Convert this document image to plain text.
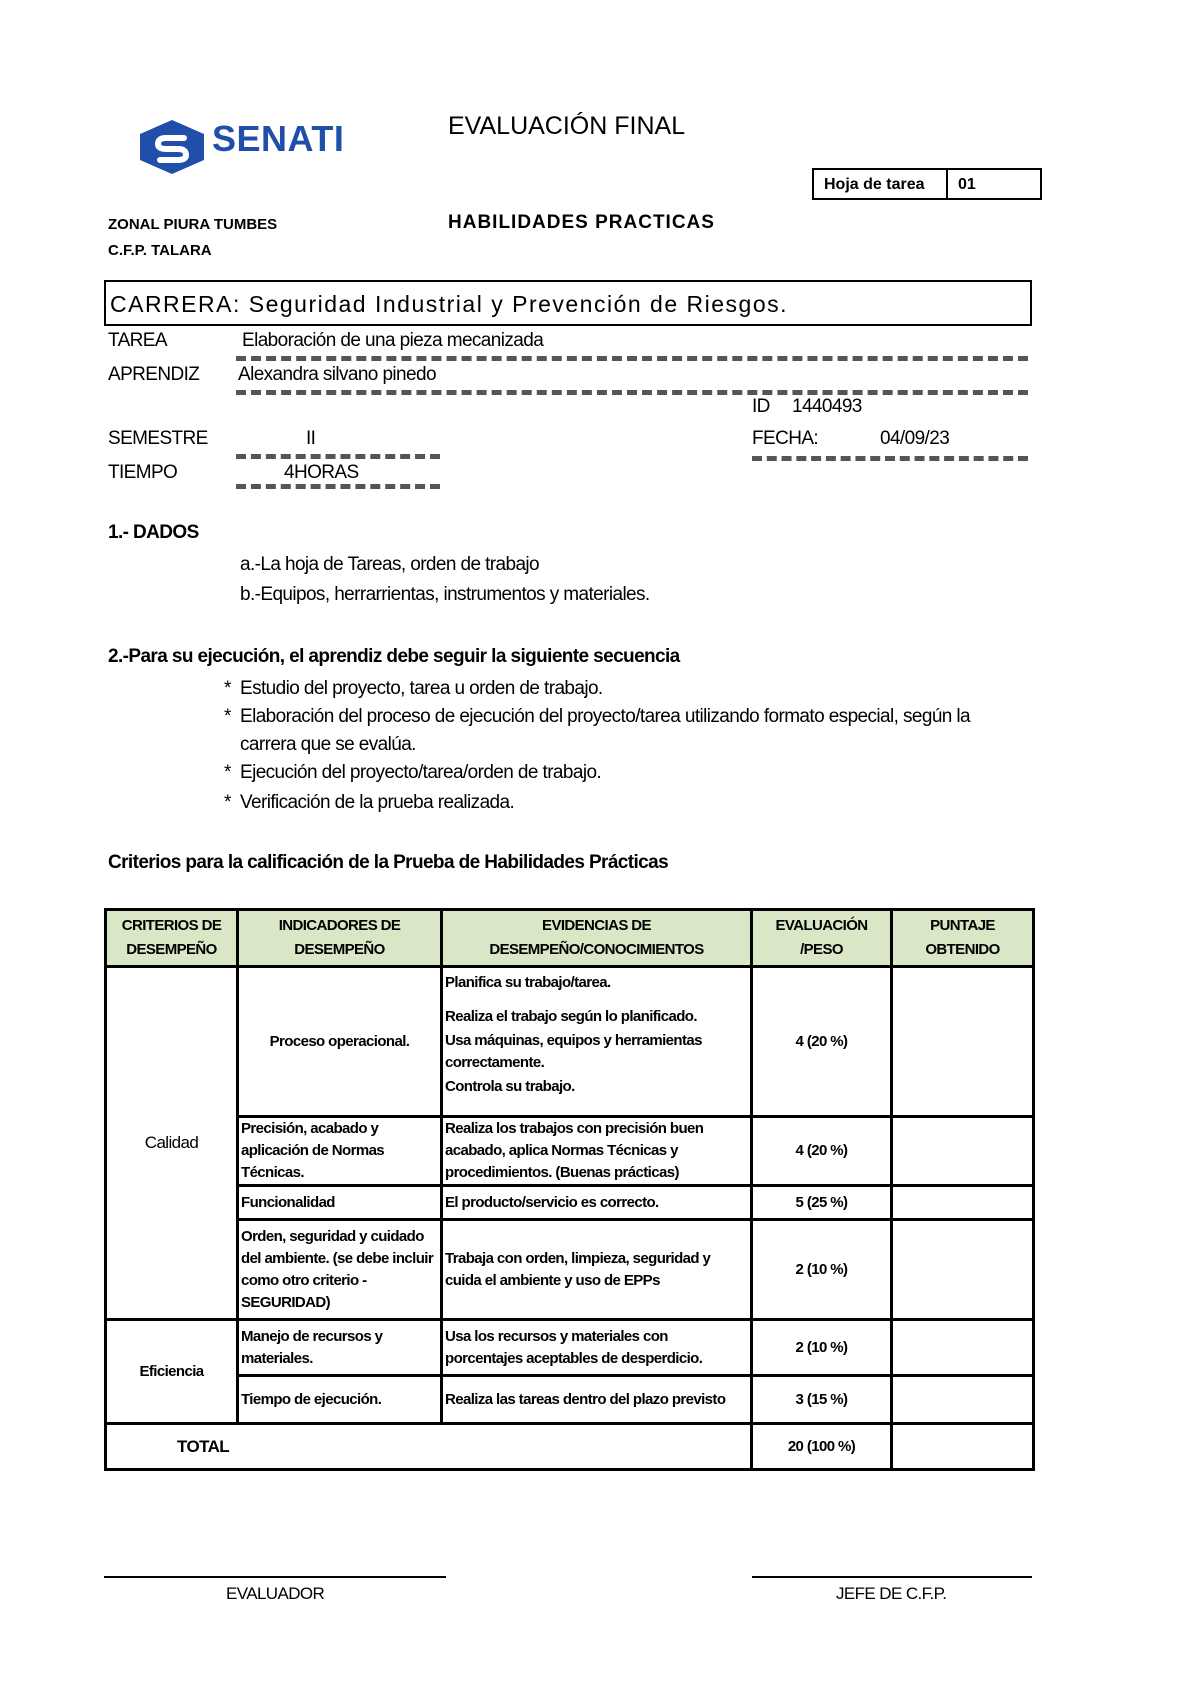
SENATI	EVALUACIÓN FINAL
Hoja de tarea	01
ZONAL PIURA TUMBES
C.F.P. TALARA
HABILIDADES PRACTICAS
CARRERA: Seguridad Industrial y Prevención de Riesgos.
TAREA	Elaboración de una pieza mecanizada
APRENDIZ Alexandra silvano pinedo
ID 1440493
SEMESTRE	II	FECHA:	04/09/23
TIEMPO	4HORAS
1.- DADOS
a.-La hoja de Tareas, orden de trabajo
b.-Equipos, herrarrientas, instrumentos y materiales.
2.-Para su ejecución, el aprendiz debe seguir la siguiente secuencia
* Estudio del proyecto, tarea u orden de trabajo.
* Elaboración del proceso de ejecución del proyecto/tarea utilizando formato especial, según la
carrera que se evalúa.
* Ejecución del proyecto/tarea/orden de trabajo.
* Verificación de la prueba realizada.
Criterios para la calificación de la Prueba de Habilidades Prácticas
CRITERIOS DE DESEMPEÑO	INDICADORES DE DESEMPEÑO	EVIDENCIAS DE DESEMPEÑO/CONOCIMIENTOS	EVALUACIÓN /PESO	PUNTAJE OBTENIDO
Calidad	Proceso operacional.	Planifica su trabajo/tarea.
Realiza el trabajo según lo planificado.
Usa máquinas, equipos y herramientas correctamente.
Controla su trabajo.	4 (20 %)	
	Precisión, acabado y aplicación de Normas Técnicas.	Realiza los trabajos con precisión buen acabado, aplica Normas Técnicas y procedimientos. (Buenas prácticas)	4 (20 %)	
	Funcionalidad	El producto/servicio es correcto.	5 (25 %)	
	Orden, seguridad y cuidado del ambiente. (se debe incluir como otro criterio - SEGURIDAD)	Trabaja con orden, limpieza, seguridad y cuida el ambiente y uso de EPPs	2 (10 %)	
Eficiencia	Manejo de recursos y materiales.	Usa los recursos y materiales con porcentajes aceptables de desperdicio.	2 (10 %)	
	Tiempo de ejecución.	Realiza las tareas dentro del plazo previsto	3 (15 %)	
TOTAL			20 (100 %)	
EVALUADOR	JEFE DE C.F.P.
